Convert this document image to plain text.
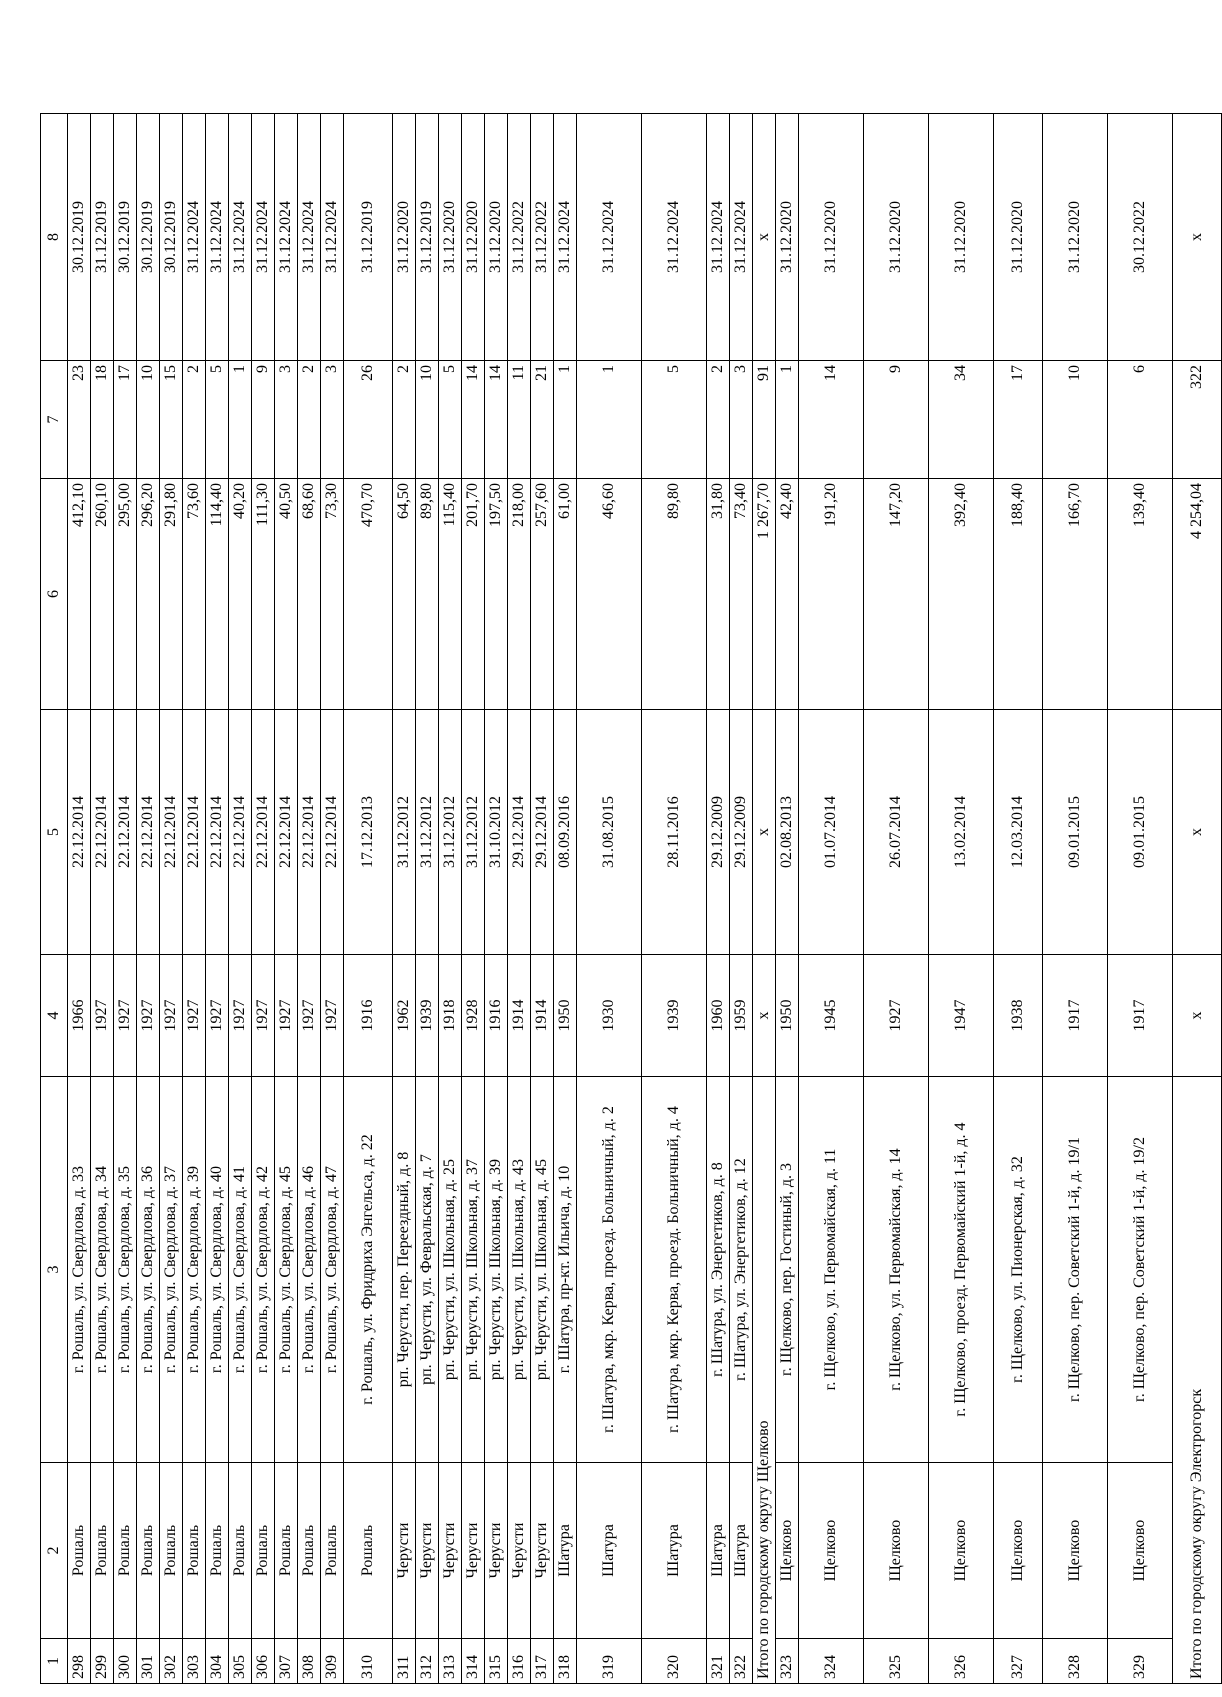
1	2	3	4	5	6	7	8
298	Рошаль	г. Рошаль, ул. Свердлова, д. 33	1966	22.12.2014	412,10	23	30.12.2019
299	Рошаль	г. Рошаль, ул. Свердлова, д. 34	1927	22.12.2014	260,10	18	31.12.2019
300	Рошаль	г. Рошаль, ул. Свердлова, д. 35	1927	22.12.2014	295,00	17	30.12.2019
301	Рошаль	г. Рошаль, ул. Свердлова, д. 36	1927	22.12.2014	296,20	10	30.12.2019
302	Рошаль	г. Рошаль, ул. Свердлова, д. 37	1927	22.12.2014	291,80	15	30.12.2019
303	Рошаль	г. Рошаль, ул. Свердлова, д. 39	1927	22.12.2014	73,60	2	31.12.2024
304	Рошаль	г. Рошаль, ул. Свердлова, д. 40	1927	22.12.2014	114,40	5	31.12.2024
305	Рошаль	г. Рошаль, ул. Свердлова, д. 41	1927	22.12.2014	40,20	1	31.12.2024
306	Рошаль	г. Рошаль, ул. Свердлова, д. 42	1927	22.12.2014	111,30	9	31.12.2024
307	Рошаль	г. Рошаль, ул. Свердлова, д. 45	1927	22.12.2014	40,50	3	31.12.2024
308	Рошаль	г. Рошаль, ул. Свердлова, д. 46	1927	22.12.2014	68,60	2	31.12.2024
309	Рошаль	г. Рошаль, ул. Свердлова, д. 47	1927	22.12.2014	73,30	3	31.12.2024
310	Рошаль	г. Рошаль, ул. Фридриха Энгельса, д. 22	1916	17.12.2013	470,70	26	31.12.2019
311	Черусти	рп. Черусти, пер. Переездный, д. 8	1962	31.12.2012	64,50	2	31.12.2020
312	Черусти	рп. Черусти, ул. Февральская, д. 7	1939	31.12.2012	89,80	10	31.12.2019
313	Черусти	рп. Черусти, ул. Школьная, д. 25	1918	31.12.2012	115,40	5	31.12.2020
314	Черусти	рп. Черусти, ул. Школьная, д. 37	1928	31.12.2012	201,70	14	31.12.2020
315	Черусти	рп. Черусти, ул. Школьная, д. 39	1916	31.10.2012	197,50	14	31.12.2020
316	Черусти	рп. Черусти, ул. Школьная, д. 43	1914	29.12.2014	218,00	11	31.12.2022
317	Черусти	рп. Черусти, ул. Школьная, д. 45	1914	29.12.2014	257,60	21	31.12.2022
318	Шатура	г. Шатура, пр-кт. Ильича, д. 10	1950	08.09.2016	61,00	1	31.12.2024
319	Шатура	г. Шатура, мкр. Керва, проезд. Больничный, д. 2	1930	31.08.2015	46,60	1	31.12.2024
320	Шатура	г. Шатура, мкр. Керва, проезд. Больничный, д. 4	1939	28.11.2016	89,80	5	31.12.2024
321	Шатура	г. Шатура, ул. Энергетиков, д. 8	1960	29.12.2009	31,80	2	31.12.2024
322	Шатура	г. Шатура, ул. Энергетиков, д. 12	1959	29.12.2009	73,40	3	31.12.2024
Итого по городскому округу Щелково			x	x	1 267,70	91	x
323	Щелково	г. Щелково, пер. Гостиный, д. 3	1950	02.08.2013	42,40	1	31.12.2020
324	Щелково	г. Щелково, ул. Первомайская, д. 11	1945	01.07.2014	191,20	14	31.12.2020
325	Щелково	г. Щелково, ул. Первомайская, д. 14	1927	26.07.2014	147,20	9	31.12.2020
326	Щелково	г. Щелково, проезд. Первомайский 1-й, д. 4	1947	13.02.2014	392,40	34	31.12.2020
327	Щелково	г. Щелково, ул. Пионерская, д. 32	1938	12.03.2014	188,40	17	31.12.2020
328	Щелково	г. Щелково, пер. Советский 1-й, д. 19/1	1917	09.01.2015	166,70	10	31.12.2020
329	Щелково	г. Щелково, пер. Советский 1-й, д. 19/2	1917	09.01.2015	139,40	6	30.12.2022
Итого по городскому округу Электрогорск			x	x	4 254,04	322	x
